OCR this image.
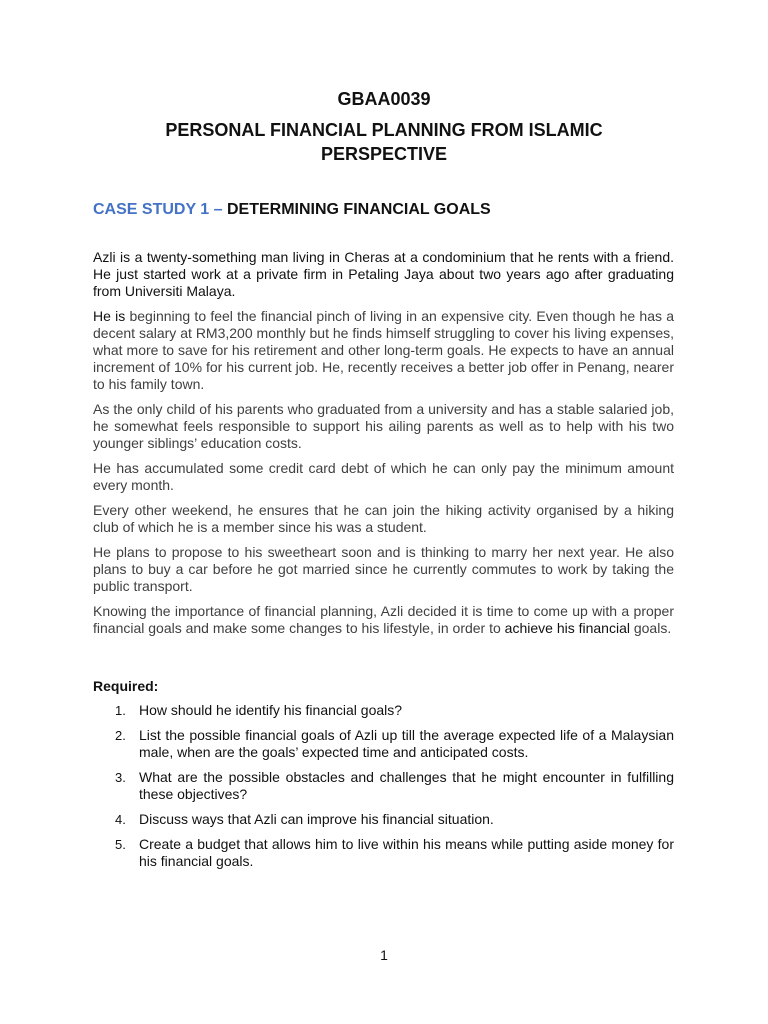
GBAA0039
PERSONAL FINANCIAL PLANNING FROM ISLAMIC PERSPECTIVE
CASE STUDY 1 – DETERMINING FINANCIAL GOALS

Azli is a twenty-something man living in Cheras at a condominium that he rents with a friend. He just started work at a private firm in Petaling Jaya about two years ago after graduating from Universiti Malaya.

He is beginning to feel the financial pinch of living in an expensive city. Even though he has a decent salary at RM3,200 monthly but he finds himself struggling to cover his living expenses, what more to save for his retirement and other long-term goals. He expects to have an annual increment of 10% for his current job. He, recently receives a better job offer in Penang, nearer to his family town.

As the only child of his parents who graduated from a university and has a stable salaried job, he somewhat feels responsible to support his ailing parents as well as to help with his two younger siblings’ education costs.

He has accumulated some credit card debt of which he can only pay the minimum amount every month.

Every other weekend, he ensures that he can join the hiking activity organised by a hiking club of which he is a member since his was a student.

He plans to propose to his sweetheart soon and is thinking to marry her next year. He also plans to buy a car before he got married since he currently commutes to work by taking the public transport.

Knowing the importance of financial planning, Azli decided it is time to come up with a proper financial goals and make some changes to his lifestyle, in order to achieve his financial goals.

Required:
1. How should he identify his financial goals?
2. List the possible financial goals of Azli up till the average expected life of a Malaysian male, when are the goals’ expected time and anticipated costs.
3. What are the possible obstacles and challenges that he might encounter in fulfilling these objectives?
4. Discuss ways that Azli can improve his financial situation.
5. Create a budget that allows him to live within his means while putting aside money for his financial goals.
1
